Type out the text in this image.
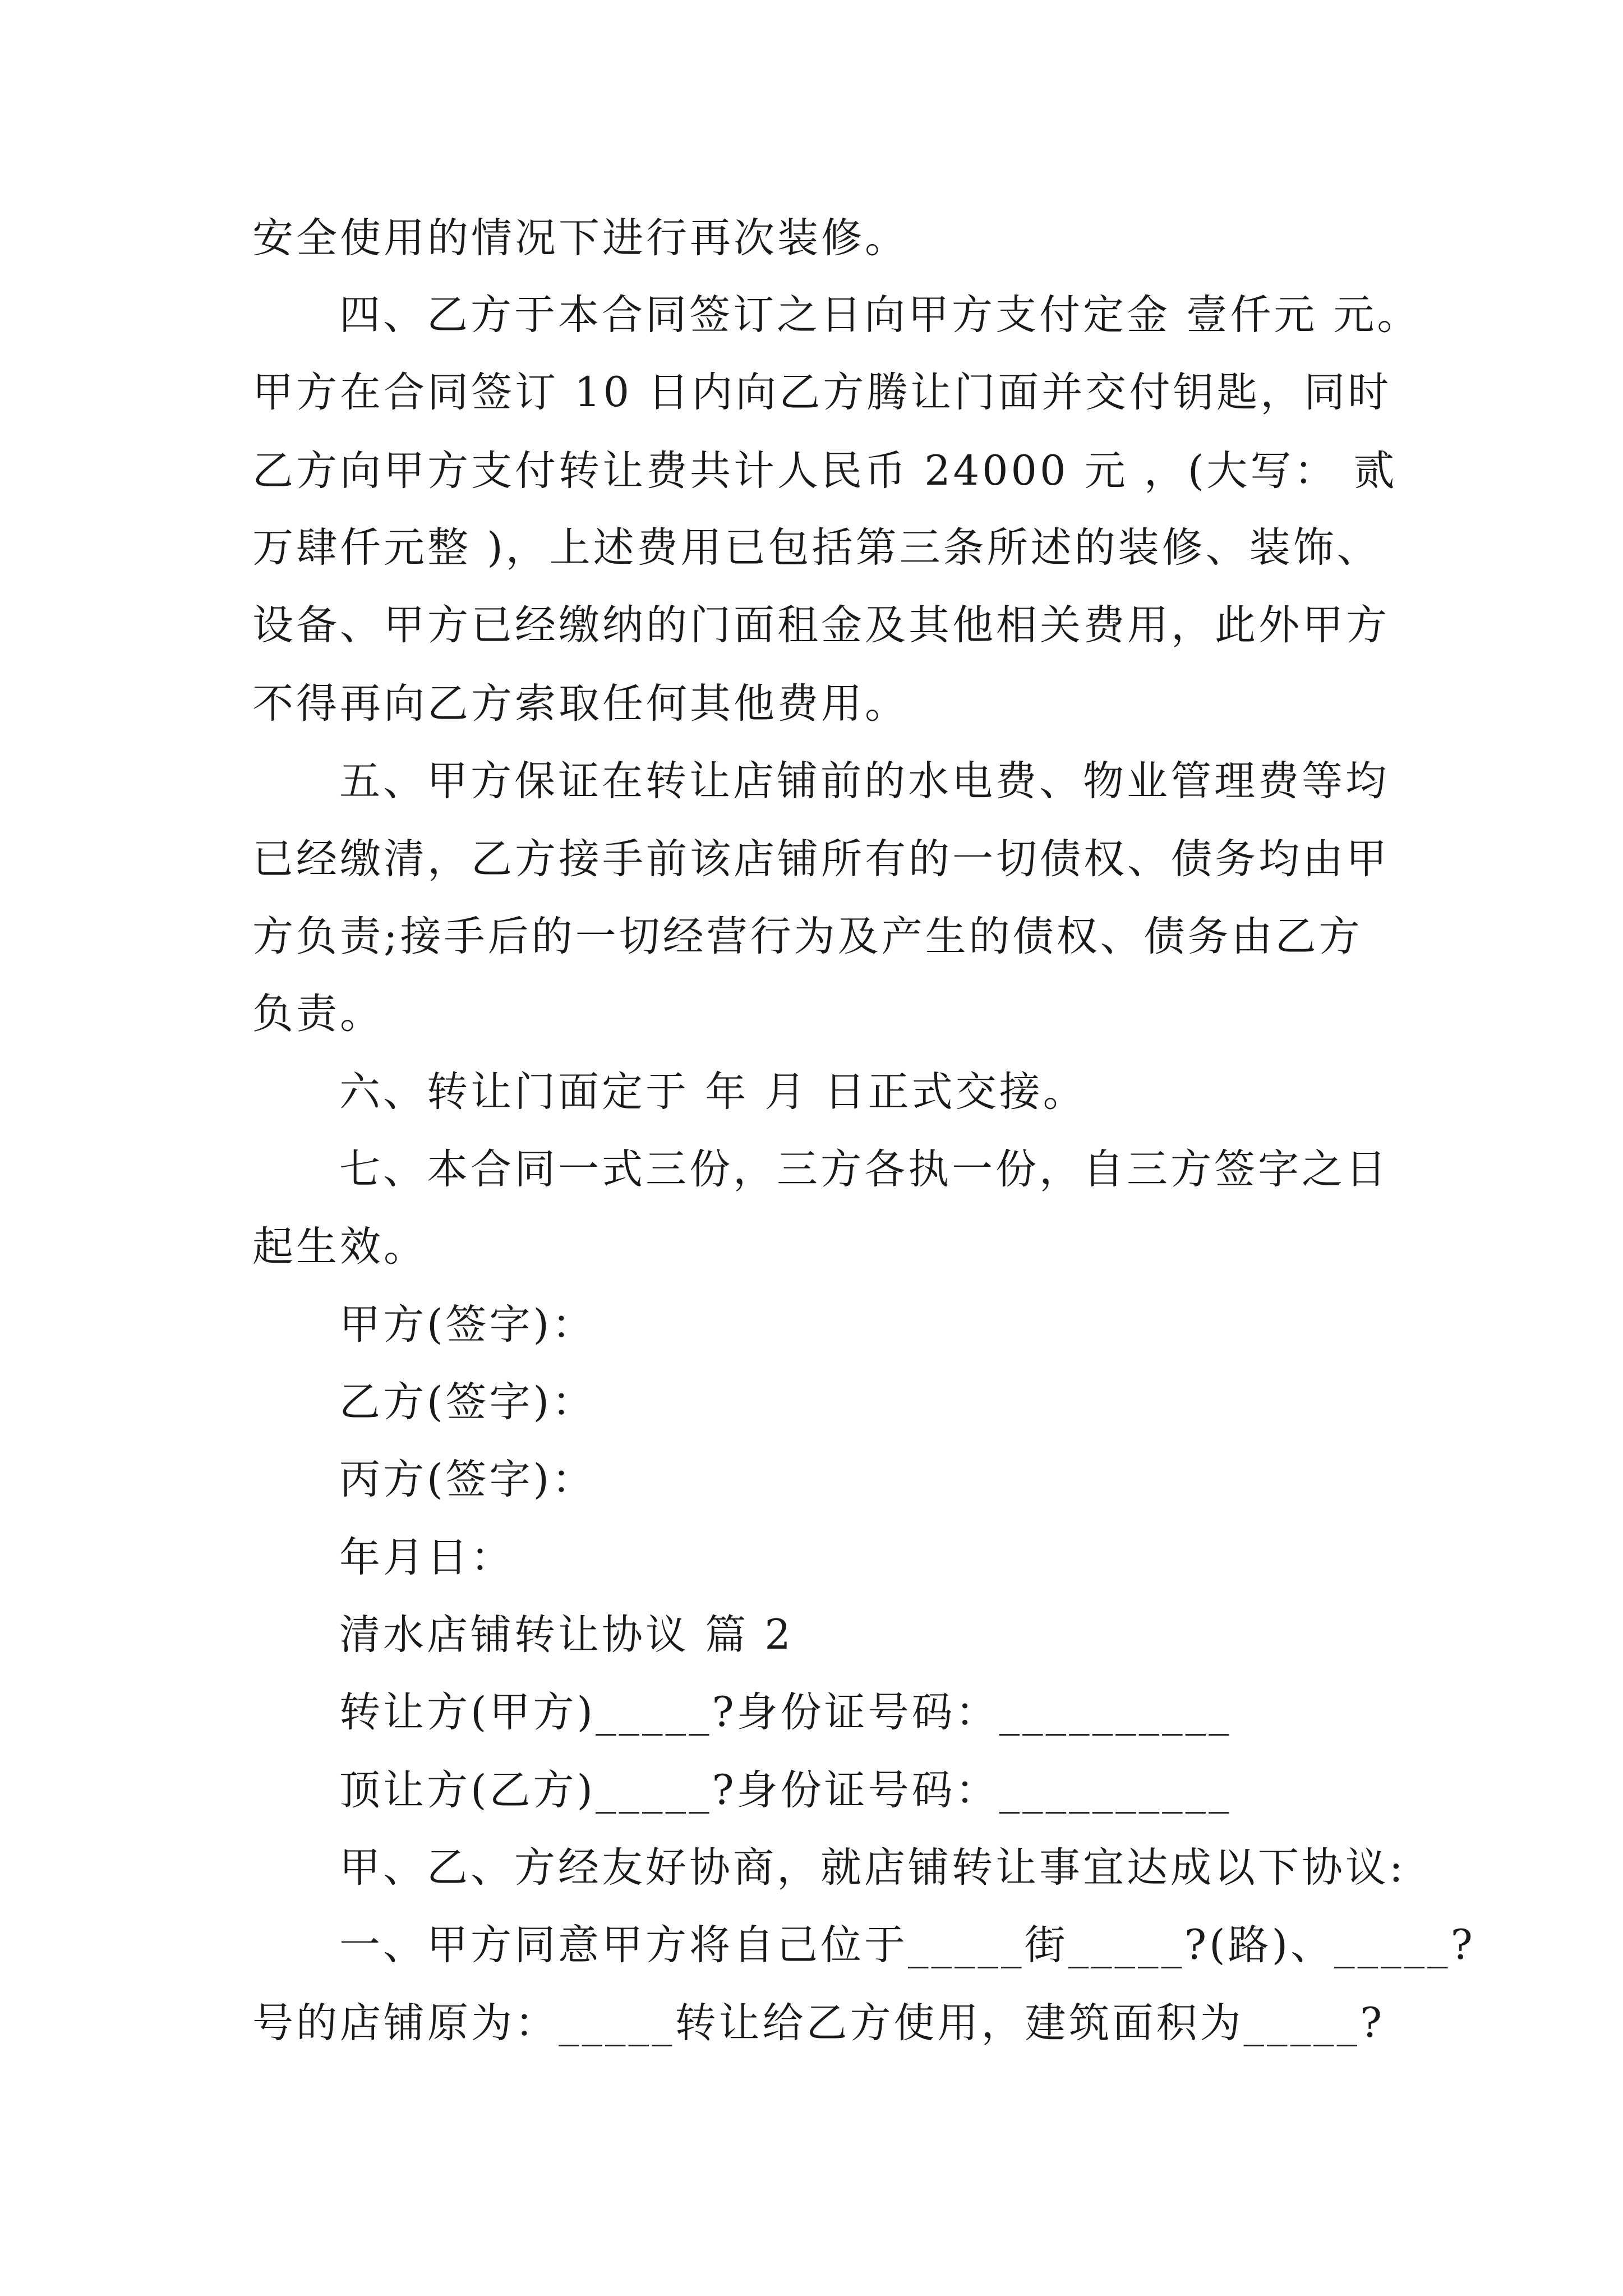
安全使用的情况下进行再次装修。
四、乙方于本合同签订之日向甲方支付定金 壹仟元 元。
甲方在合同签订 10 日内向乙方腾让门面并交付钥匙，同时
乙方向甲方支付转让费共计人民币 24000 元 ，(大写： 贰
万肆仟元整 )，上述费用已包括第三条所述的装修、装饰、
设备、甲方已经缴纳的门面租金及其他相关费用，此外甲方
不得再向乙方索取任何其他费用。
五、甲方保证在转让店铺前的水电费、物业管理费等均
已经缴清，乙方接手前该店铺所有的一切债权、债务均由甲
方负责;接手后的一切经营行为及产生的债权、债务由乙方
负责。
六、转让门面定于 年 月 日正式交接。
七、本合同一式三份，三方各执一份，自三方签字之日
起生效。
甲方(签字)：
乙方(签字)：
丙方(签字)：
年月日：
清水店铺转让协议 篇 2
转让方(甲方)_____?身份证号码：__________
顶让方(乙方)_____?身份证号码：__________
甲、乙、方经友好协商，就店铺转让事宜达成以下协议:
一、甲方同意甲方将自己位于_____街_____?(路)、_____?
号的店铺原为：_____转让给乙方使用，建筑面积为_____?
